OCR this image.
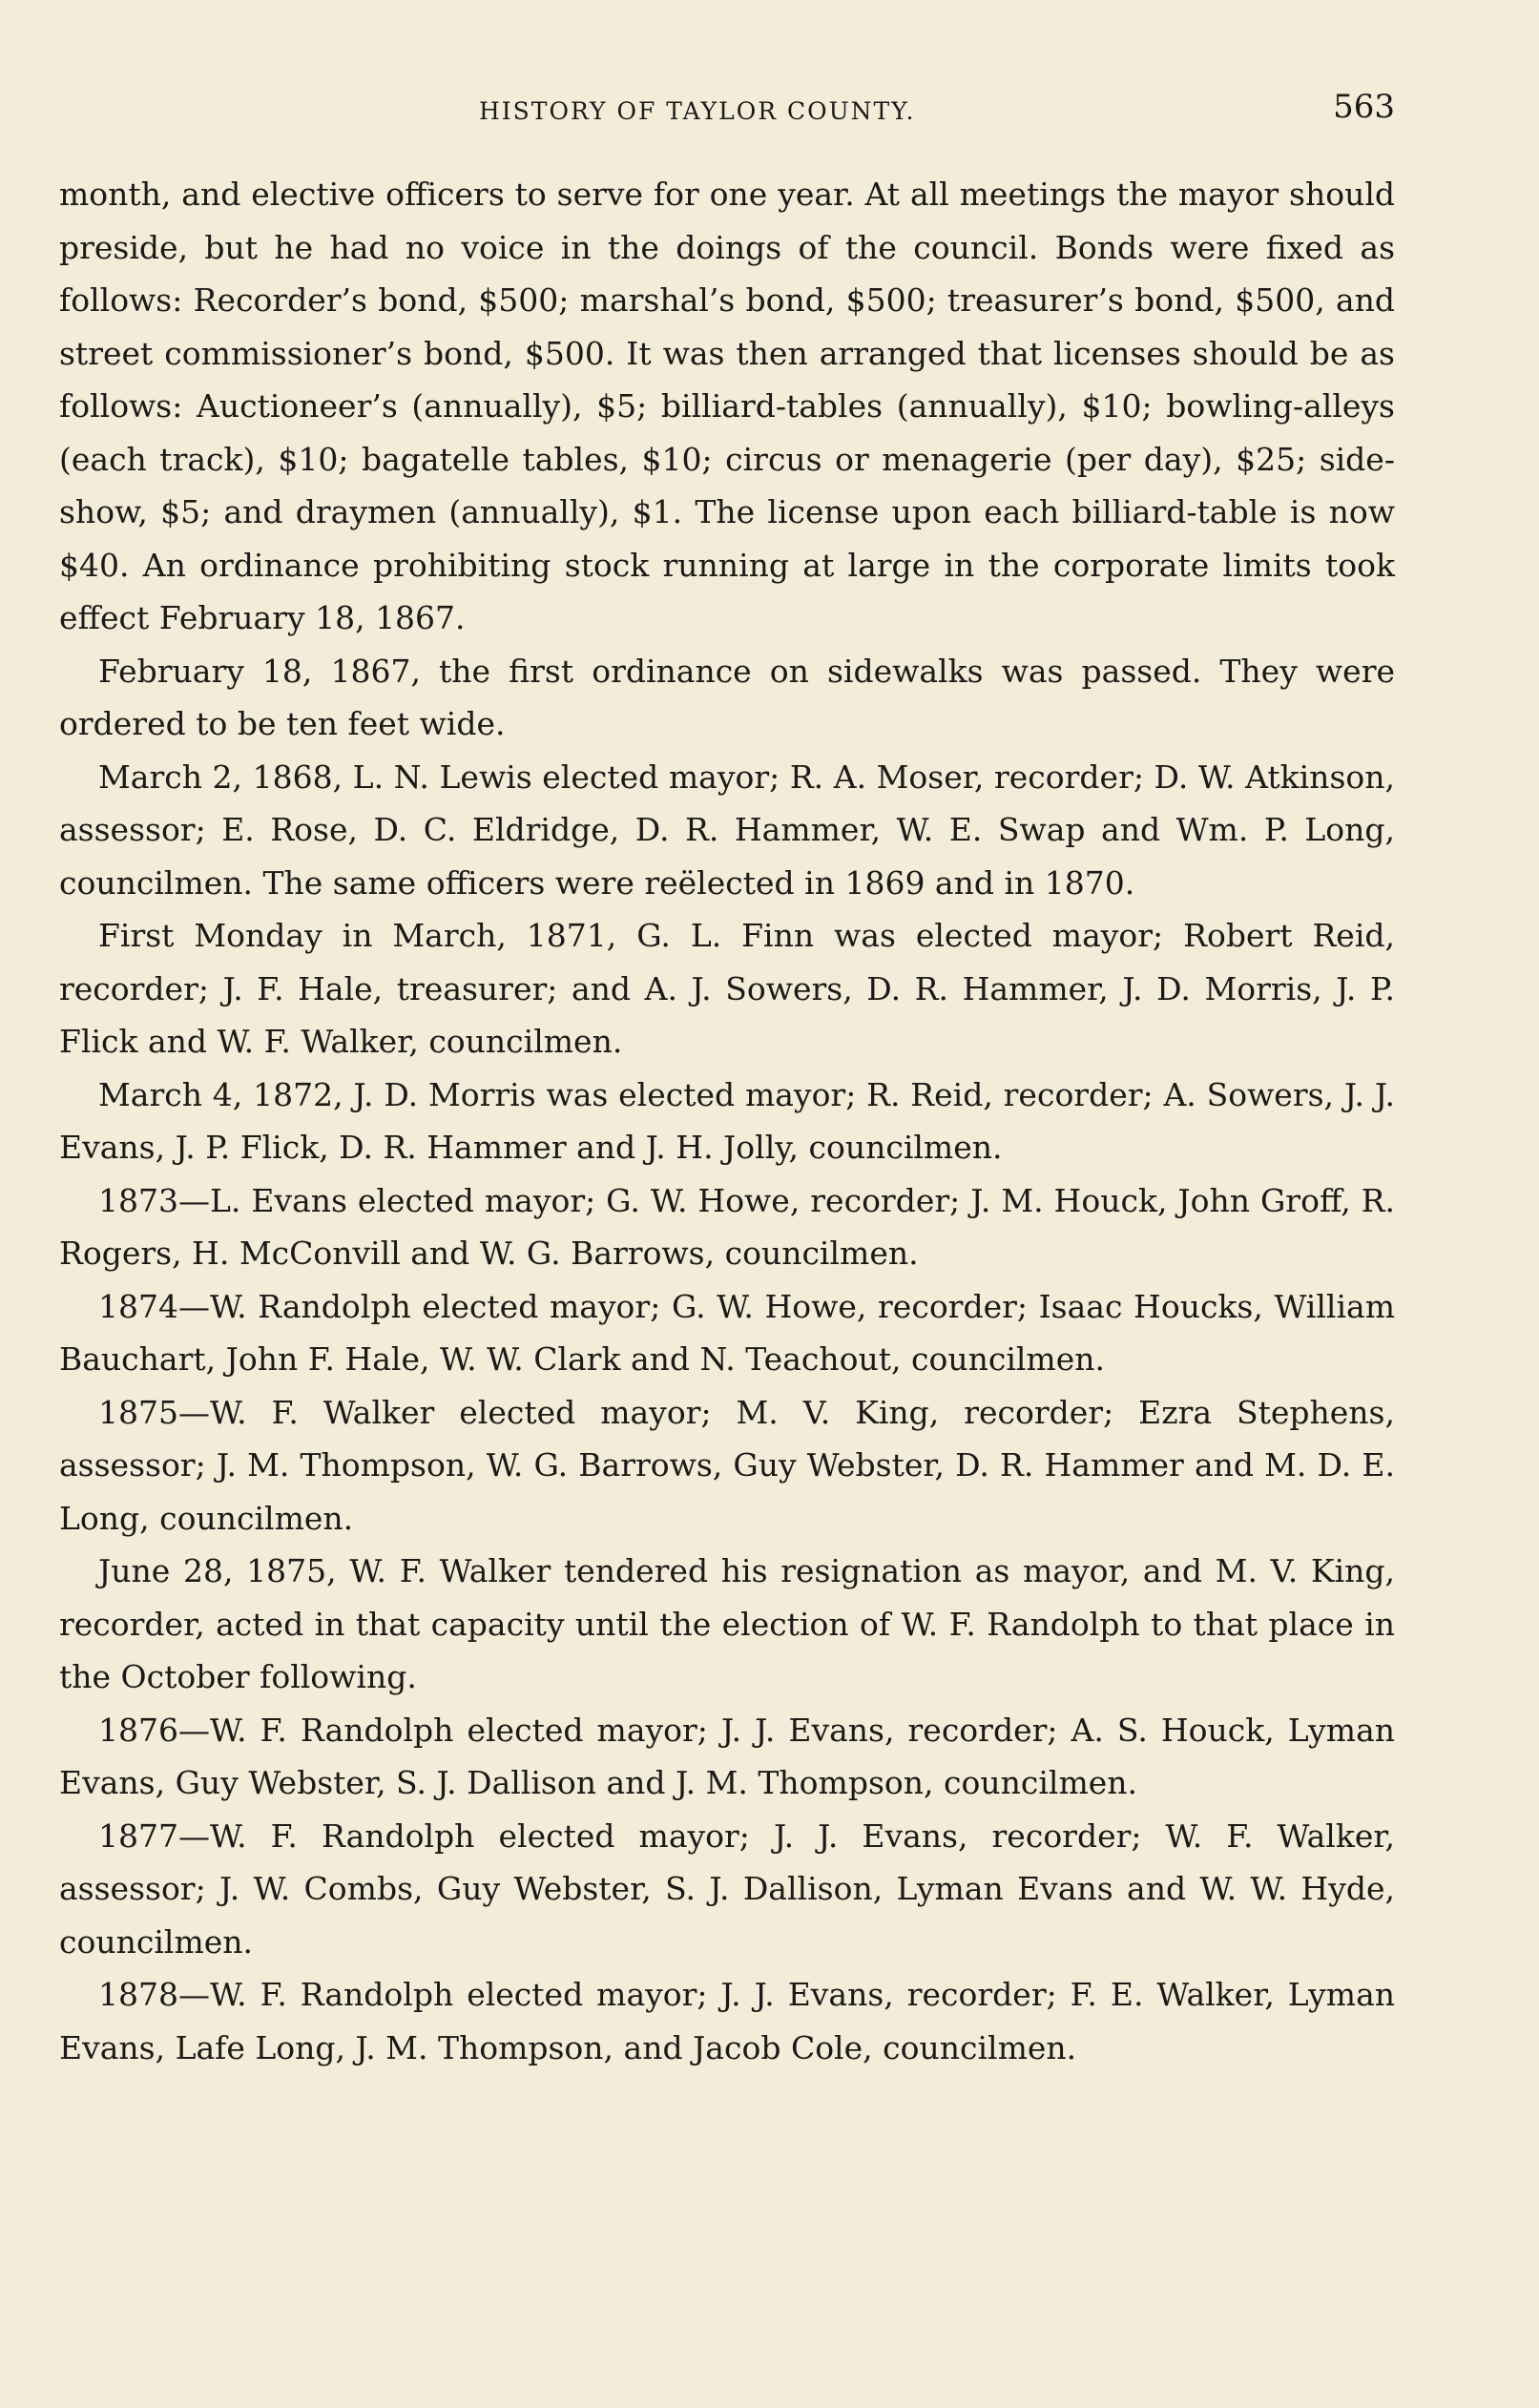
HISTORY OF TAYLOR COUNTY.	563

month, and elective officers to serve for one year. At all meetings the mayor should preside, but he had no voice in the doings of the council. Bonds were fixed as follows: Recorder’s bond, $500; marshal’s bond, $500; treasurer’s bond, $500, and street commissioner’s bond, $500. It was then arranged that licenses should be as follows: Auctioneer’s (annually), $5; billiard-tables (annually), $10; bowling-alleys (each track), $10; bagatelle tables, $10; circus or menagerie (per day), $25; side-show, $5; and draymen (annually), $1. The license upon each billiard-table is now $40. An ordinance prohibiting stock running at large in the corporate limits took effect February 18, 1867.

February 18, 1867, the first ordinance on sidewalks was passed. They were ordered to be ten feet wide.

March 2, 1868, L. N. Lewis elected mayor; R. A. Moser, recorder; D. W. Atkinson, assessor; E. Rose, D. C. Eldridge, D. R. Hammer, W. E. Swap and Wm. P. Long, councilmen. The same officers were reëlected in 1869 and in 1870.

First Monday in March, 1871, G. L. Finn was elected mayor; Robert Reid, recorder; J. F. Hale, treasurer; and A. J. Sowers, D. R. Hammer, J. D. Morris, J. P. Flick and W. F. Walker, councilmen.

March 4, 1872, J. D. Morris was elected mayor; R. Reid, recorder; A. Sowers, J. J. Evans, J. P. Flick, D. R. Hammer and J. H. Jolly, councilmen.

1873—L. Evans elected mayor; G. W. Howe, recorder; J. M. Houck, John Groff, R. Rogers, H. McConvill and W. G. Barrows, councilmen.

1874—W. Randolph elected mayor; G. W. Howe, recorder; Isaac Houcks, William Bauchart, John F. Hale, W. W. Clark and N. Teachout, councilmen.

1875—W. F. Walker elected mayor; M. V. King, recorder; Ezra Stephens, assessor; J. M. Thompson, W. G. Barrows, Guy Webster, D. R. Hammer and M. D. E. Long, councilmen.

June 28, 1875, W. F. Walker tendered his resignation as mayor, and M. V. King, recorder, acted in that capacity until the election of W. F. Randolph to that place in the October following.

1876—W. F. Randolph elected mayor; J. J. Evans, recorder; A. S. Houck, Lyman Evans, Guy Webster, S. J. Dallison and J. M. Thompson, councilmen.

1877—W. F. Randolph elected mayor; J. J. Evans, recorder; W. F. Walker, assessor; J. W. Combs, Guy Webster, S. J. Dallison, Lyman Evans and W. W. Hyde, councilmen.

1878—W. F. Randolph elected mayor; J. J. Evans, recorder; F. E. Walker, Lyman Evans, Lafe Long, J. M. Thompson, and Jacob Cole, councilmen.
